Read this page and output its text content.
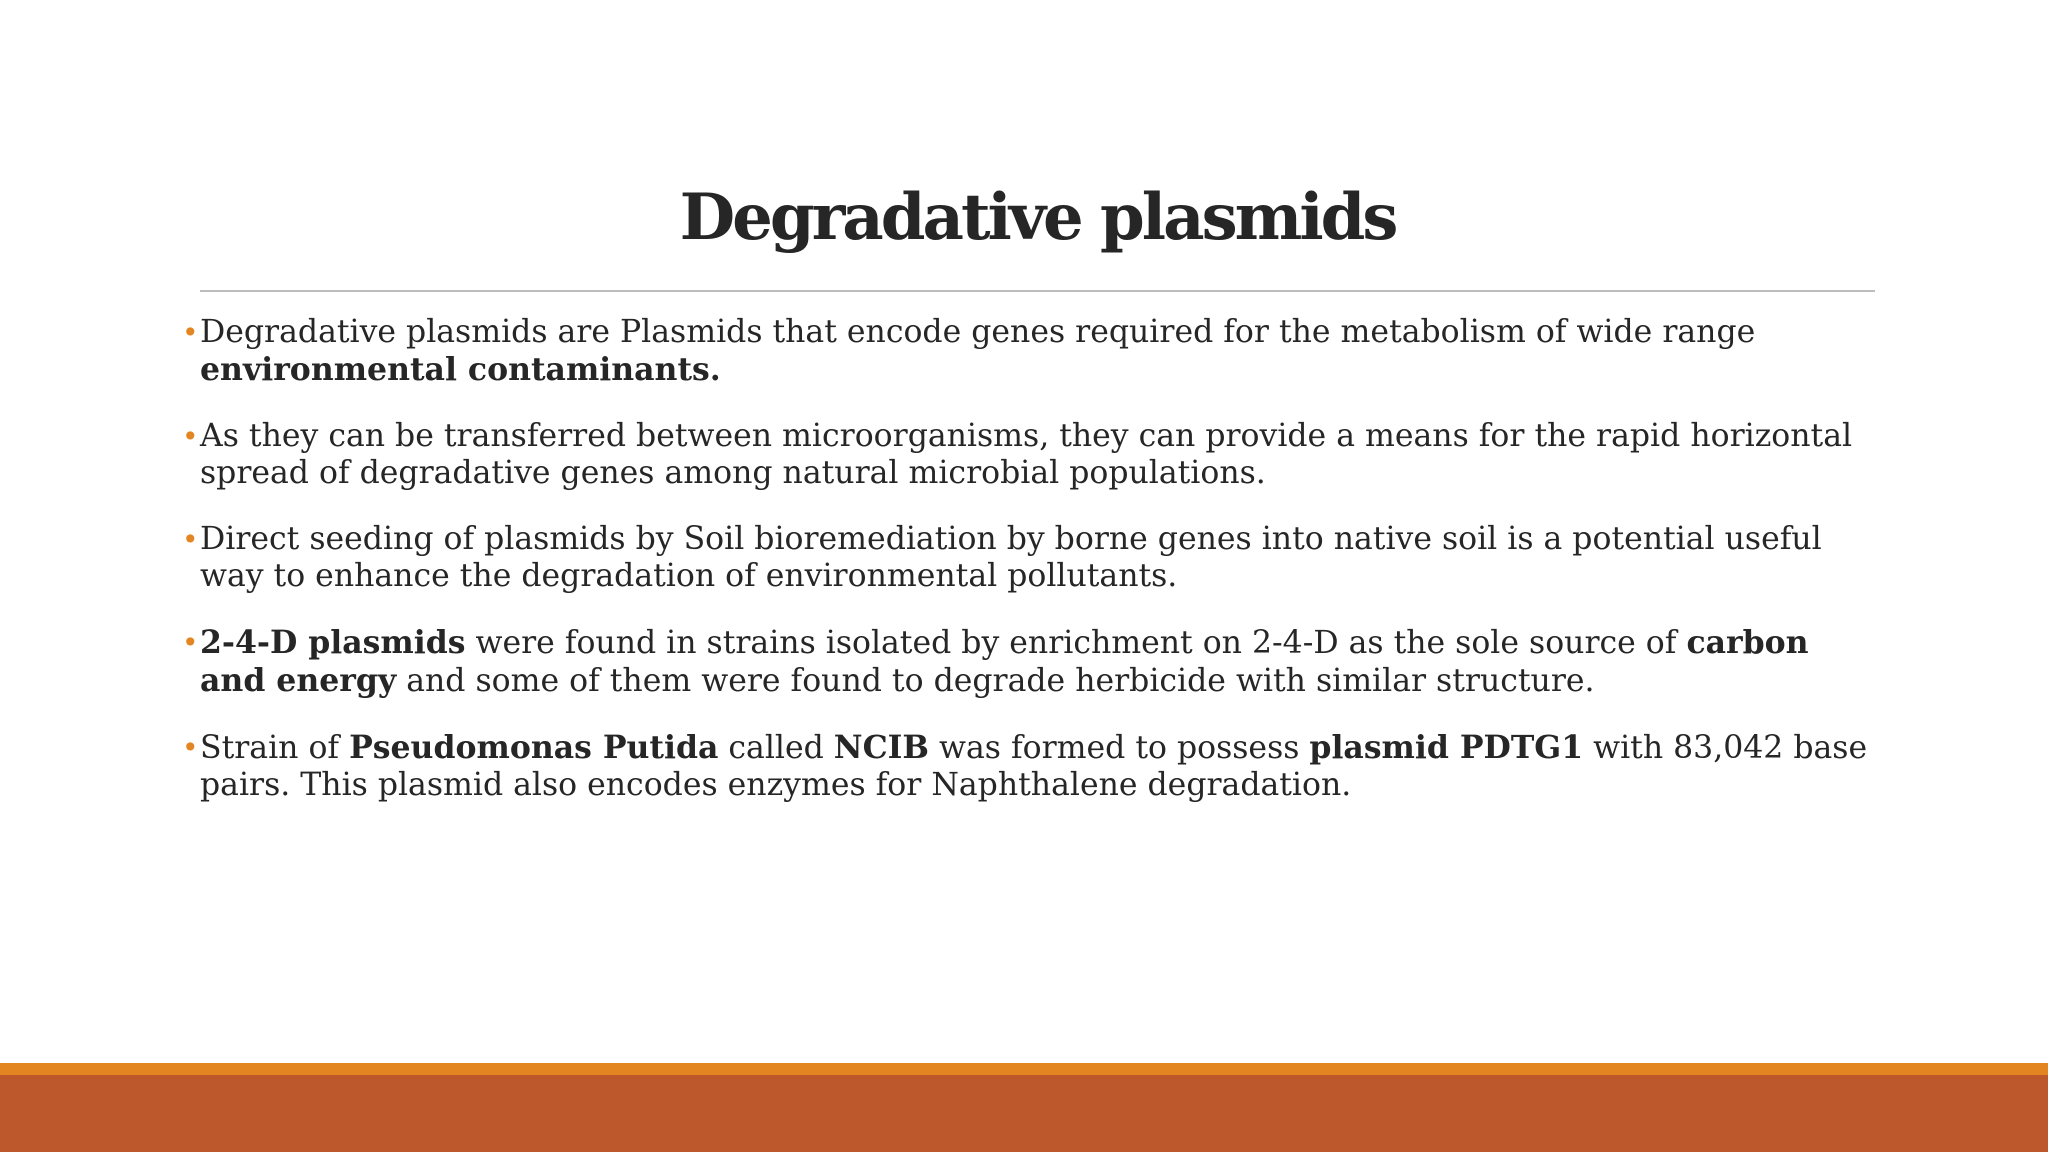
Degradative plasmids
• Degradative plasmids are Plasmids that encode genes required for the metabolism of wide range environmental contaminants.
• As they can be transferred between microorganisms, they can provide a means for the rapid horizontal spread of degradative genes among natural microbial populations.
• Direct seeding of plasmids by Soil bioremediation by borne genes into native soil is a potential useful way to enhance the degradation of environmental pollutants.
• 2-4-D plasmids were found in strains isolated by enrichment on 2-4-D as the sole source of carbon and energy and some of them were found to degrade herbicide with similar structure.
• Strain of Pseudomonas Putida called NCIB was formed to possess plasmid PDTG1 with 83,042 base pairs. This plasmid also encodes enzymes for Naphthalene degradation.
